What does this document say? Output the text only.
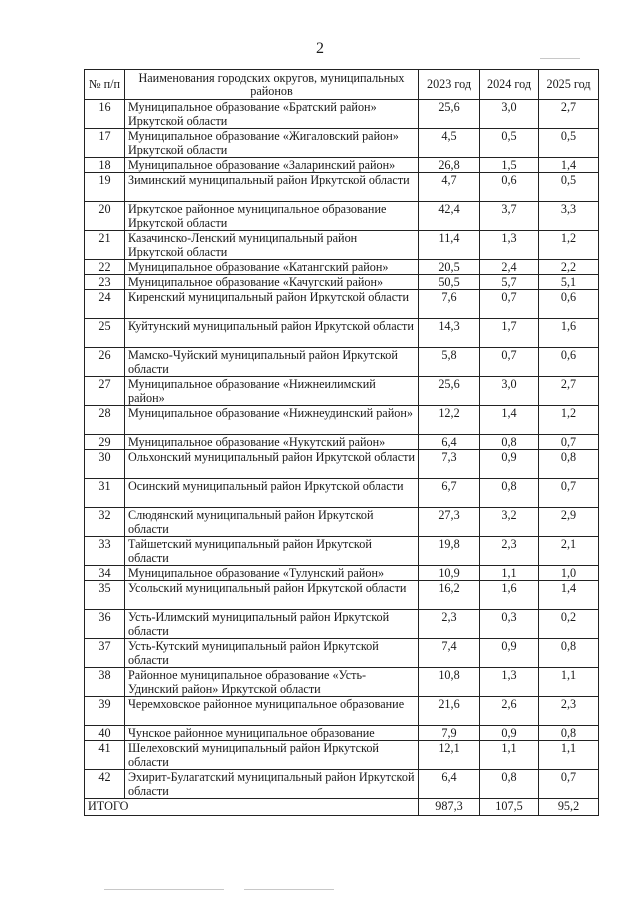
2
№ п/п	Наименования городских округов, муниципальных районов	2023 год	2024 год	2025 год
16	Муниципальное образование «Братский район» Иркутской области	25,6	3,0	2,7
17	Муниципальное образование «Жигаловский район» Иркутской области	4,5	0,5	0,5
18	Муниципальное образование «Заларинский район»	26,8	1,5	1,4
19	Зиминский муниципальный район Иркутской области	4,7	0,6	0,5
20	Иркутское районное муниципальное образование Иркутской области	42,4	3,7	3,3
21	Казачинско-Ленский муниципальный район Иркутской области	11,4	1,3	1,2
22	Муниципальное образование «Катангский район»	20,5	2,4	2,2
23	Муниципальное образование «Качугский район»	50,5	5,7	5,1
24	Киренский муниципальный район Иркутской области	7,6	0,7	0,6
25	Куйтунский муниципальный район Иркутской области	14,3	1,7	1,6
26	Мамско-Чуйский муниципальный район Иркутской области	5,8	0,7	0,6
27	Муниципальное образование «Нижнеилимский район»	25,6	3,0	2,7
28	Муниципальное образование «Нижнеудинский район»	12,2	1,4	1,2
29	Муниципальное образование «Нукутский район»	6,4	0,8	0,7
30	Ольхонский муниципальный район Иркутской области	7,3	0,9	0,8
31	Осинский муниципальный район Иркутской области	6,7	0,8	0,7
32	Слюдянский муниципальный район Иркутской области	27,3	3,2	2,9
33	Тайшетский муниципальный район Иркутской области	19,8	2,3	2,1
34	Муниципальное образование «Тулунский район»	10,9	1,1	1,0
35	Усольский муниципальный район Иркутской области	16,2	1,6	1,4
36	Усть-Илимский муниципальный район Иркутской области	2,3	0,3	0,2
37	Усть-Кутский муниципальный район Иркутской области	7,4	0,9	0,8
38	Районное муниципальное образование «Усть-Удинский район» Иркутской области	10,8	1,3	1,1
39	Черемховское районное муниципальное образование	21,6	2,6	2,3
40	Чунское районное муниципальное образование	7,9	0,9	0,8
41	Шелеховский муниципальный район Иркутской области	12,1	1,1	1,1
42	Эхирит-Булагатский муниципальный район Иркутской области	6,4	0,8	0,7
ИТОГО		987,3	107,5	95,2
